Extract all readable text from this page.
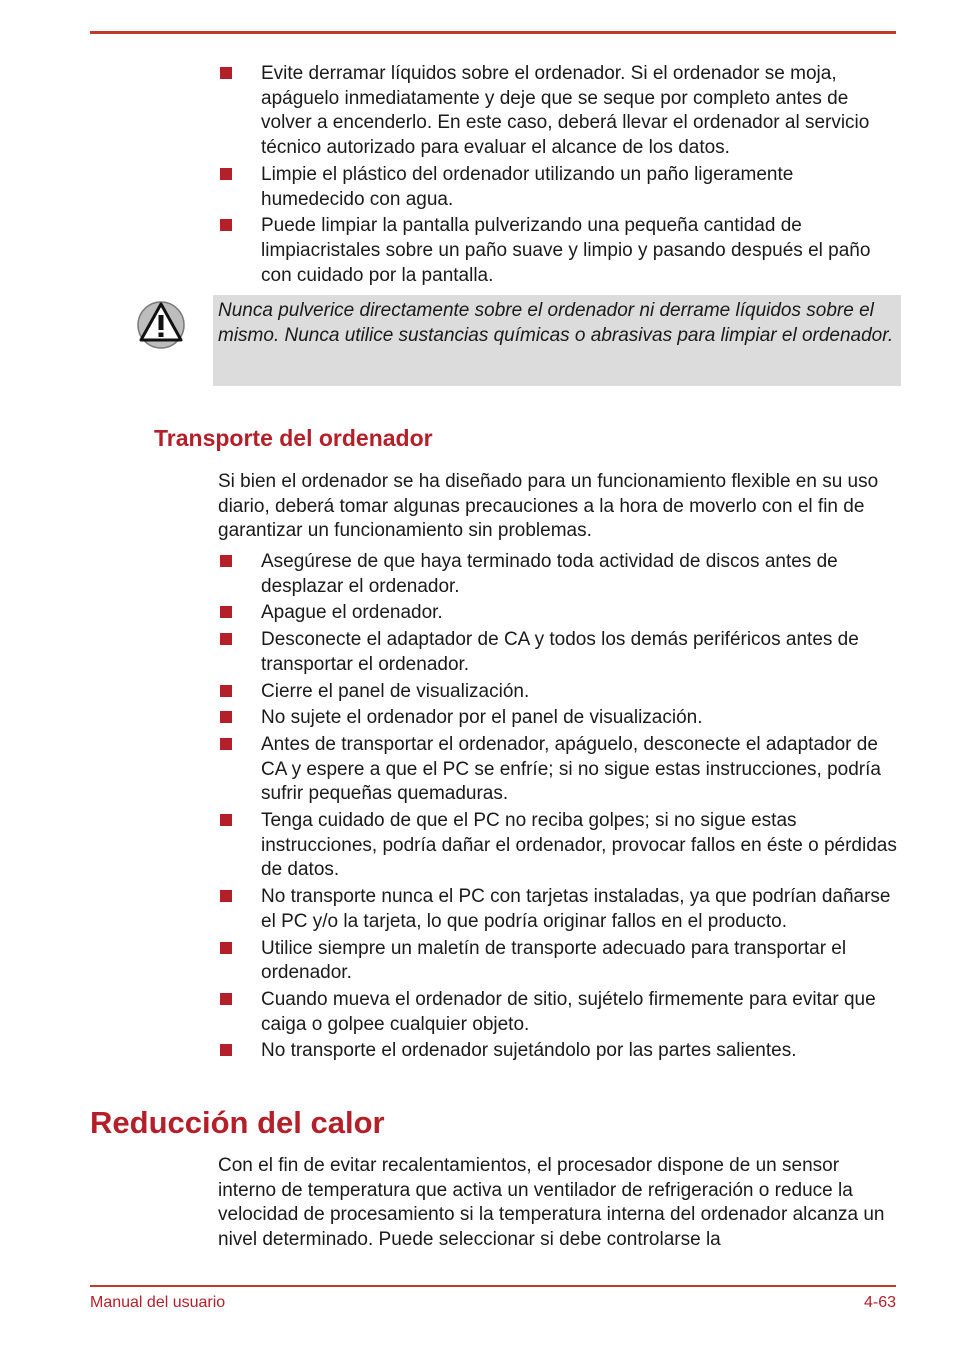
Evite derramar líquidos sobre el ordenador. Si el ordenador se moja, apáguelo inmediatamente y deje que se seque por completo antes de volver a encenderlo. En este caso, deberá llevar el ordenador al servicio técnico autorizado para evaluar el alcance de los datos.
Limpie el plástico del ordenador utilizando un paño ligeramente humedecido con agua.
Puede limpiar la pantalla pulverizando una pequeña cantidad de limpiacristales sobre un paño suave y limpio y pasando después el paño con cuidado por la pantalla.

Nunca pulverice directamente sobre el ordenador ni derrame líquidos sobre el mismo. Nunca utilice sustancias químicas o abrasivas para limpiar el ordenador.

Transporte del ordenador

Si bien el ordenador se ha diseñado para un funcionamiento flexible en su uso diario, deberá tomar algunas precauciones a la hora de moverlo con el fin de garantizar un funcionamiento sin problemas.

Asegúrese de que haya terminado toda actividad de discos antes de desplazar el ordenador.
Apague el ordenador.
Desconecte el adaptador de CA y todos los demás periféricos antes de transportar el ordenador.
Cierre el panel de visualización.
No sujete el ordenador por el panel de visualización.
Antes de transportar el ordenador, apáguelo, desconecte el adaptador de CA y espere a que el PC se enfríe; si no sigue estas instrucciones, podría sufrir pequeñas quemaduras.
Tenga cuidado de que el PC no reciba golpes; si no sigue estas instrucciones, podría dañar el ordenador, provocar fallos en éste o pérdidas de datos.
No transporte nunca el PC con tarjetas instaladas, ya que podrían dañarse el PC y/o la tarjeta, lo que podría originar fallos en el producto.
Utilice siempre un maletín de transporte adecuado para transportar el ordenador.
Cuando mueva el ordenador de sitio, sujételo firmemente para evitar que caiga o golpee cualquier objeto.
No transporte el ordenador sujetándolo por las partes salientes.
Reducción del calor

Con el fin de evitar recalentamientos, el procesador dispone de un sensor interno de temperatura que activa un ventilador de refrigeración o reduce la velocidad de procesamiento si la temperatura interna del ordenador alcanza un nivel determinado. Puede seleccionar si debe controlarse la

Manual del usuario	4-63
